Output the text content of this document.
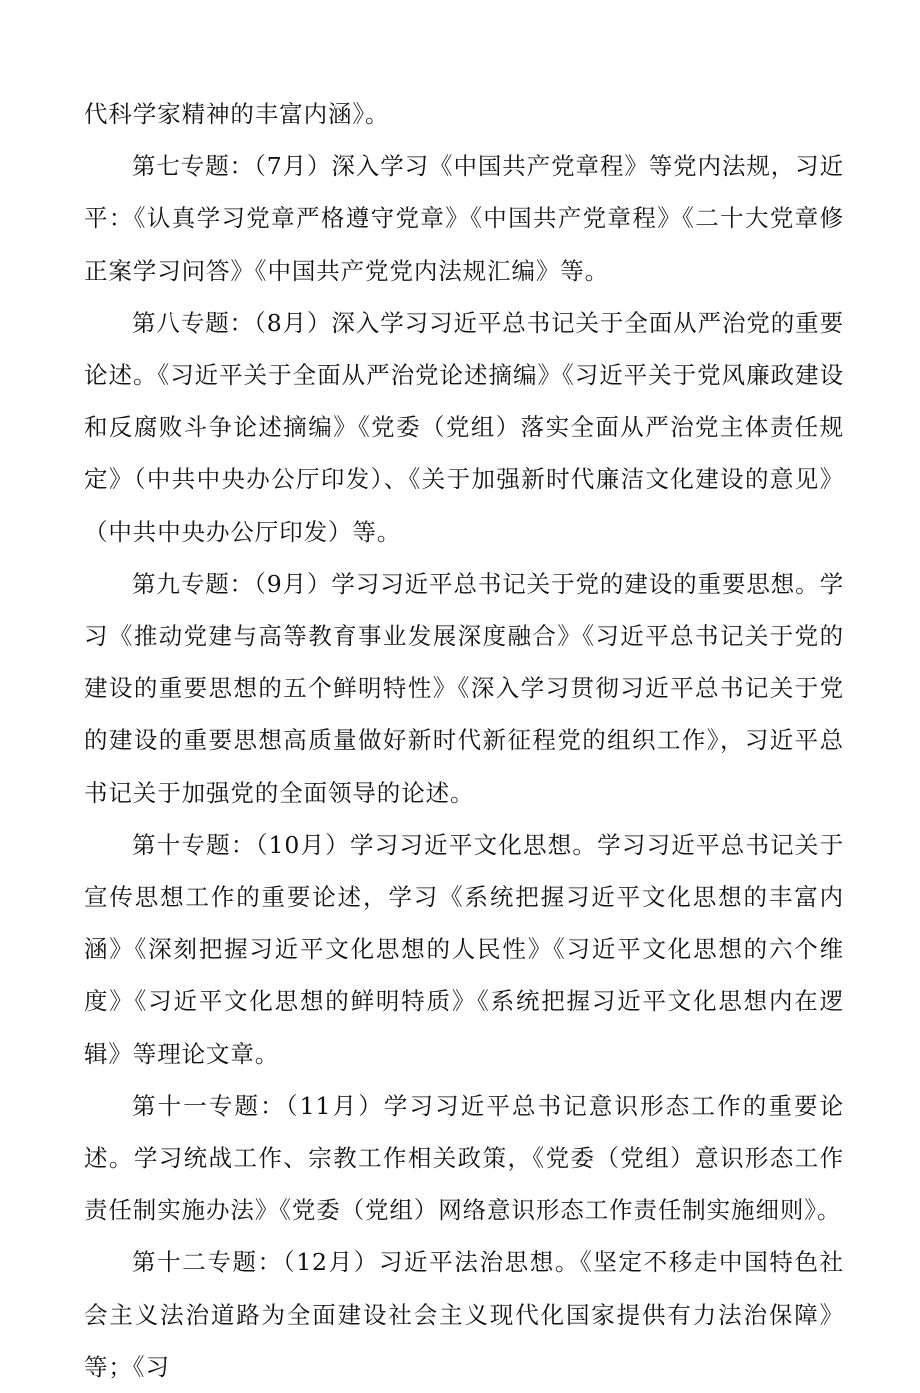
代科学家精神的丰富内涵》。

第七专题：（7月）深入学习《中国共产党章程》等党内法规，习近平：《认真学习党章严格遵守党章》《中国共产党章程》《二十大党章修正案学习问答》《中国共产党党内法规汇编》等。

第八专题：（8月）深入学习习近平总书记关于全面从严治党的重要论述。《习近平关于全面从严治党论述摘编》《习近平关于党风廉政建设和反腐败斗争论述摘编》《党委（党组）落实全面从严治党主体责任规定》（中共中央办公厅印发）、《关于加强新时代廉洁文化建设的意见》（中共中央办公厅印发）等。

第九专题：（9月）学习习近平总书记关于党的建设的重要思想。学习《推动党建与高等教育事业发展深度融合》《习近平总书记关于党的建设的重要思想的五个鲜明特性》《深入学习贯彻习近平总书记关于党的建设的重要思想高质量做好新时代新征程党的组织工作》，习近平总书记关于加强党的全面领导的论述。

第十专题：（10月）学习习近平文化思想。学习习近平总书记关于宣传思想工作的重要论述，学习《系统把握习近平文化思想的丰富内涵》《深刻把握习近平文化思想的人民性》《习近平文化思想的六个维度》《习近平文化思想的鲜明特质》《系统把握习近平文化思想内在逻辑》等理论文章。

第十一专题：（11月）学习习近平总书记意识形态工作的重要论述。学习统战工作、宗教工作相关政策，《党委（党组）意识形态工作责任制实施办法》《党委（党组）网络意识形态工作责任制实施细则》。

第十二专题：（12月）习近平法治思想。《坚定不移走中国特色社会主义法治道路为全面建设社会主义现代化国家提供有力法治保障》等；《习
